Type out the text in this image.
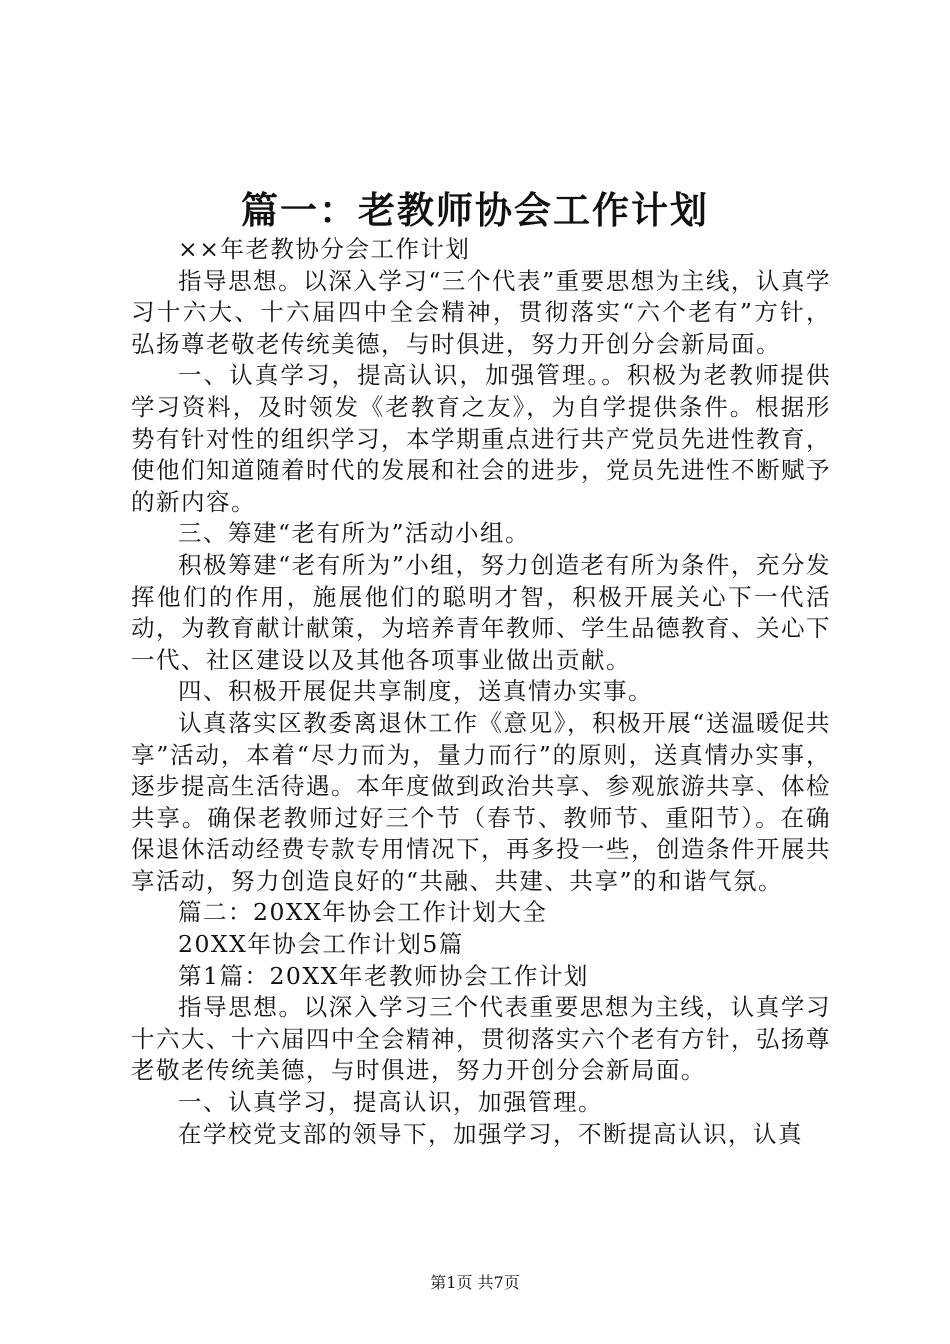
篇一：老教师协会工作计划

××年老教协分会工作计划

指导思想。以深入学习“三个代表”重要思想为主线，认真学习十六大、十六届四中全会精神，贯彻落实“六个老有”方针，弘扬尊老敬老传统美德，与时俱进，努力开创分会新局面。

一、认真学习，提高认识，加强管理。。积极为老教师提供学习资料，及时领发《老教育之友》，为自学提供条件。根据形势有针对性的组织学习，本学期重点进行共产党员先进性教育，使他们知道随着时代的发展和社会的进步，党员先进性不断赋予的新内容。

三、筹建“老有所为”活动小组。

积极筹建“老有所为”小组，努力创造老有所为条件，充分发挥他们的作用，施展他们的聪明才智，积极开展关心下一代活动，为教育献计献策，为培养青年教师、学生品德教育、关心下一代、社区建设以及其他各项事业做出贡献。

四、积极开展促共享制度，送真情办实事。

认真落实区教委离退休工作《意见》，积极开展“送温暖促共享”活动，本着“尽力而为，量力而行”的原则，送真情办实事，逐步提高生活待遇。本年度做到政治共享、参观旅游共享、体检共享。确保老教师过好三个节（春节、教师节、重阳节）。在确保退休活动经费专款专用情况下，再多投一些，创造条件开展共享活动，努力创造良好的“共融、共建、共享”的和谐气氛。

篇二：20XX年协会工作计划大全

20XX年协会工作计划5篇

第1篇：20XX年老教师协会工作计划

指导思想。以深入学习三个代表重要思想为主线，认真学习十六大、十六届四中全会精神，贯彻落实六个老有方针，弘扬尊老敬老传统美德，与时俱进，努力开创分会新局面。

一、认真学习，提高认识，加强管理。

在学校党支部的领导下，加强学习，不断提高认识，认真

第1页 共7页
